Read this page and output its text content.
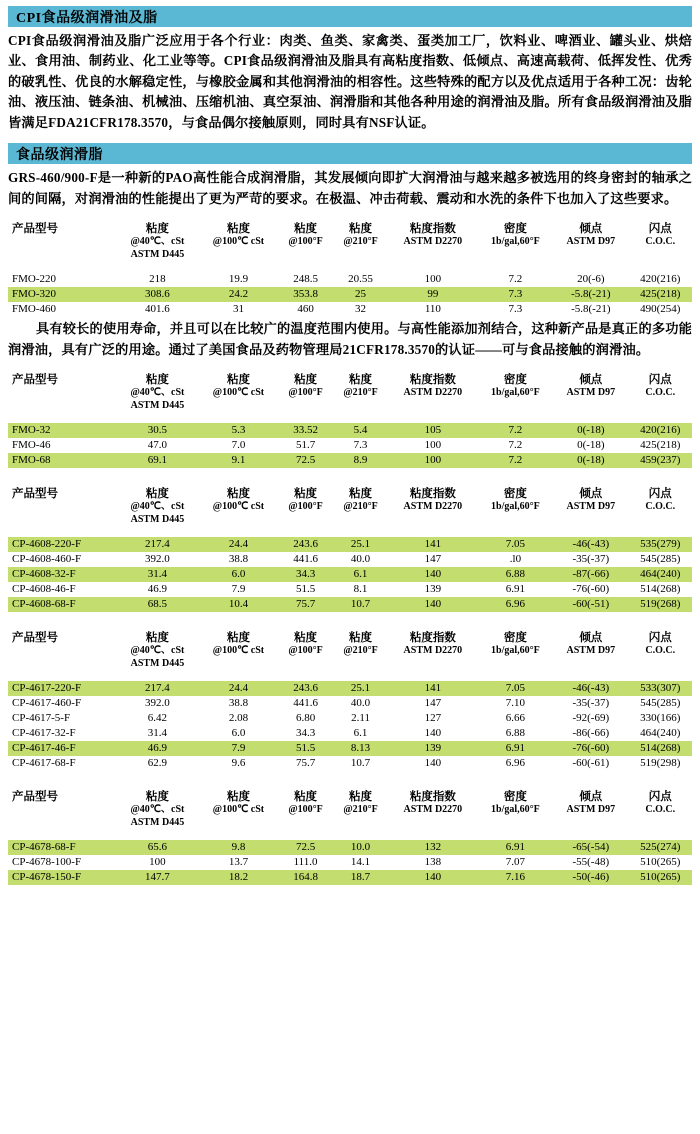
CPI食品级润滑油及脂

CPI食品级润滑油及脂广泛应用于各个行业：肉类、鱼类、家禽类、蛋类加工厂，饮料业、啤酒业、罐头业、烘焙业、食用油、制药业、化工业等等。CPI食品级润滑油及脂具有高粘度指数、低倾点、高速高载荷、低挥发性、优秀的破乳性、优良的水解稳定性，与橡胶金属和其他润滑油的相容性。这些特殊的配方以及优点适用于各种工况：齿轮油、液压油、链条油、机械油、压缩机油、真空泵油、润滑脂和其他各种用途的润滑油及脂。所有食品级润滑油及脂皆满足FDA21CFR178.3570，与食品偶尔接触原则，同时具有NSF认证。

食品级润滑脂

GRS-460/900-F是一种新的PAO高性能合成润滑脂，其发展倾向即扩大润滑油与越来越多被选用的终身密封的轴承之间的间隔，对润滑油的性能提出了更为严苛的要求。在极温、冲击荷载、震动和水洗的条件下也加入了这些要求。

产品型号	粘度
@40℃、cSt
ASTM D445	粘度
@100℃ cSt	粘度
@100°F	粘度
@210°F	粘度指数
ASTM D2270	密度
1b/gal,60°F	倾点
ASTM D97	闪点
C.O.C.

FMO-220	218	19.9	248.5	20.55	100	7.2	20(-6)	420(216)
FMO-320	308.6	24.2	353.8	25	99	7.3	-5.8(-21)	425(218)
FMO-460	401.6	31	460	32	110	7.3	-5.8(-21)	490(254)

具有较长的使用寿命，并且可以在比较广的温度范围内使用。与高性能添加剂结合，这种新产品是真正的多功能润滑油，具有广泛的用途。通过了美国食品及药物管理局21CFR178.3570的认证——可与食品接触的润滑油。

产品型号	粘度
@40℃、cSt
ASTM D445	粘度
@100℃ cSt	粘度
@100°F	粘度
@210°F	粘度指数
ASTM D2270	密度
1b/gal,60°F	倾点
ASTM D97	闪点
C.O.C.

FMO-32	30.5	5.3	33.52	5.4	105	7.2	0(-18)	420(216)
FMO-46	47.0	7.0	51.7	7.3	100	7.2	0(-18)	425(218)
FMO-68	69.1	9.1	72.5	8.9	100	7.2	0(-18)	459(237)
产品型号	粘度
@40℃、cSt
ASTM D445	粘度
@100℃ cSt	粘度
@100°F	粘度
@210°F	粘度指数
ASTM D2270	密度
1b/gal,60°F	倾点
ASTM D97	闪点
C.O.C.

CP-4608-220-F	217.4	24.4	243.6	25.1	141	7.05	-46(-43)	535(279)
CP-4608-460-F	392.0	38.8	441.6	40.0	147	.l0	-35(-37)	545(285)
CP-4608-32-F	31.4	6.0	34.3	6.1	140	6.88	-87(-66)	464(240)
CP-4608-46-F	46.9	7.9	51.5	8.1	139	6.91	-76(-60)	514(268)
CP-4608-68-F	68.5	10.4	75.7	10.7	140	6.96	-60(-51)	519(268)
产品型号	粘度
@40℃、cSt
ASTM D445	粘度
@100℃ cSt	粘度
@100°F	粘度
@210°F	粘度指数
ASTM D2270	密度
1b/gal,60°F	倾点
ASTM D97	闪点
C.O.C.

CP-4617-220-F	217.4	24.4	243.6	25.1	141	7.05	-46(-43)	533(307)
CP-4617-460-F	392.0	38.8	441.6	40.0	147	7.10	-35(-37)	545(285)
CP-4617-5-F	6.42	2.08	6.80	2.11	127	6.66	-92(-69)	330(166)
CP-4617-32-F	31.4	6.0	34.3	6.1	140	6.88	-86(-66)	464(240)
CP-4617-46-F	46.9	7.9	51.5	8.13	139	6.91	-76(-60)	514(268)
CP-4617-68-F	62.9	9.6	75.7	10.7	140	6.96	-60(-61)	519(298)
产品型号	粘度
@40℃、cSt
ASTM D445	粘度
@100℃ cSt	粘度
@100°F	粘度
@210°F	粘度指数
ASTM D2270	密度
1b/gal,60°F	倾点
ASTM D97	闪点
C.O.C.

CP-4678-68-F	65.6	9.8	72.5	10.0	132	6.91	-65(-54)	525(274)
CP-4678-100-F	100	13.7	111.0	14.1	138	7.07	-55(-48)	510(265)
CP-4678-150-F	147.7	18.2	164.8	18.7	140	7.16	-50(-46)	510(265)
